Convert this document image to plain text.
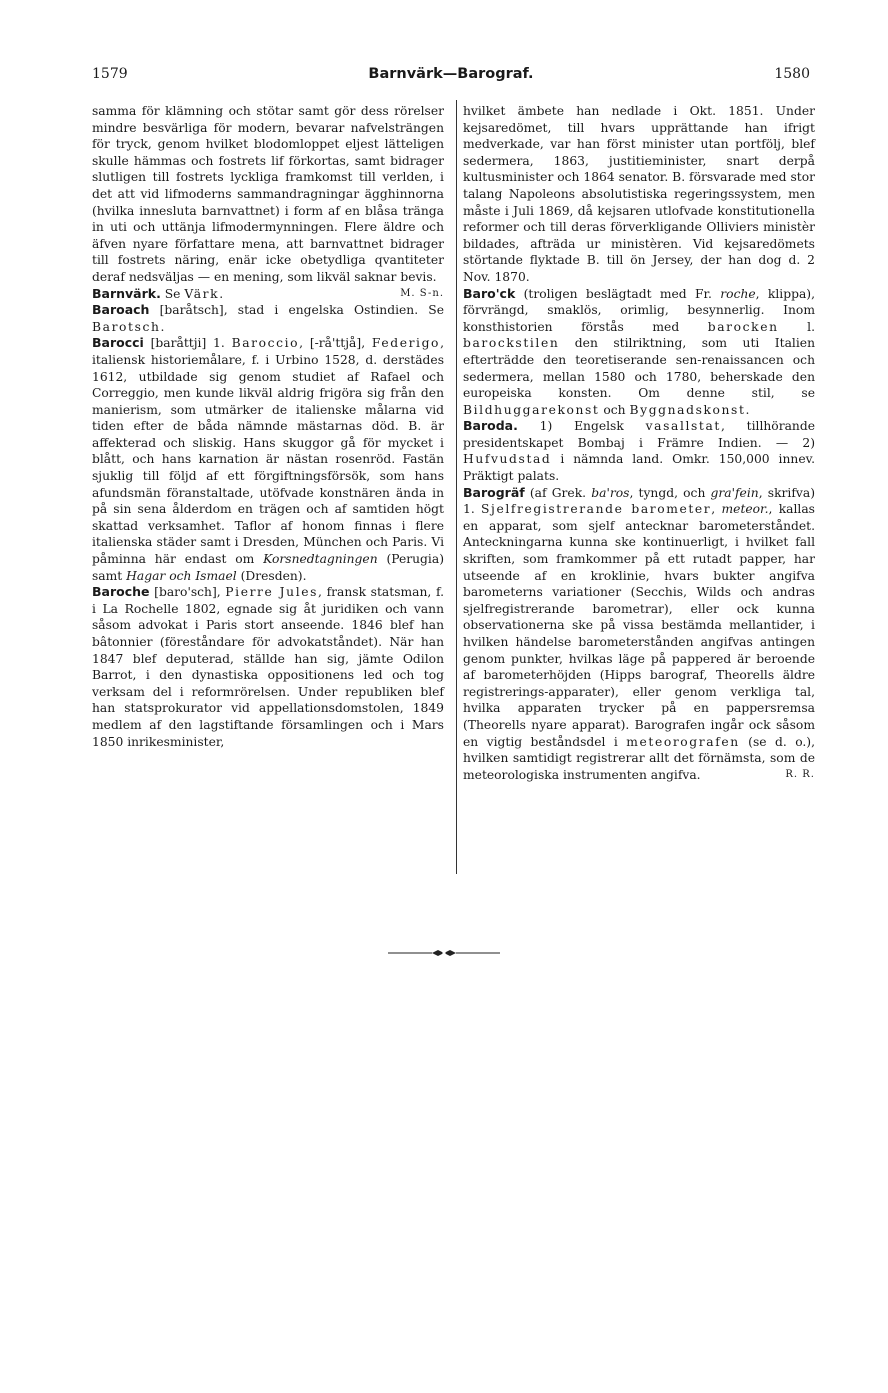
1579	Barnvärk—Barograf.	1580

samma för klämning och stötar samt gör dess rörelser mindre besvärliga för modern, bevarar nafvelsträngen för tryck, genom hvilket blodomloppet eljest lätteligen skulle hämmas och fostrets lif förkortas, samt bidrager slutligen till fostrets lyckliga framkomst till verlden, i det att vid lifmoderns sammandragningar ägghinnorna (hvilka innesluta barnvattnet) i form af en blåsa tränga in uti och uttänja lifmodermynningen. Flere äldre och äfven nyare författare mena, att barnvattnet bidrager till fostrets näring, enär icke obetydliga qvantiteter deraf nedsväljas — en mening, som likväl saknar bevis.
M. S-n.

Barnvärk. Se Värk.

Baroach [baråtsch], stad i engelska Ostindien. Se Barotsch.

Barocci [baråttji] 1. Baroccio, [-rå'ttjå], Federigo, italiensk historiemålare, f. i Urbino 1528, d. derstädes 1612, utbildade sig genom studiet af Rafael och Correggio, men kunde likväl aldrig frigöra sig från den manierism, som utmärker de italienske målarna vid tiden efter de båda nämnde mästarnas död. B. är affekterad och sliskig. Hans skuggor gå för mycket i blått, och hans karnation är nästan rosenröd. Fastän sjuklig till följd af ett förgiftningsförsök, som hans afundsmän föranstaltade, utöfvade konstnären ända in på sin sena ålderdom en trägen och af samtiden högt skattad verksamhet. Taflor af honom finnas i flere italienska städer samt i Dresden, München och Paris. Vi påminna här endast om Korsnedtagningen (Perugia) samt Hagar och Ismael (Dresden).

Baroche [baro'sch], Pierre Jules, fransk statsman, f. i La Rochelle 1802, egnade sig åt juridiken och vann såsom advokat i Paris stort anseende. 1846 blef han bâtonnier (föreståndare för advokatståndet). När han 1847 blef deputerad, ställde han sig, jämte Odilon Barrot, i den dynastiska oppositionens led och tog verksam del i reformrörelsen. Under republiken blef han statsprokurator vid appellationsdomstolen, 1849 medlem af den lagstiftande församlingen och i Mars 1850 inrikesminister,

hvilket ämbete han nedlade i Okt. 1851. Under kejsaredömet, till hvars upprättande han ifrigt medverkade, var han först minister utan portfölj, blef sedermera, 1863, justitieminister, snart derpå kultusminister och 1864 senator. B. försvarade med stor talang Napoleons absolutistiska regeringssystem, men måste i Juli 1869, då kejsaren utlofvade konstitutionella reformer och till deras förverkligande Olliviers ministèr bildades, afträda ur ministèren. Vid kejsaredömets störtande flyktade B. till ön Jersey, der han dog d. 2 Nov. 1870.

Baro'ck (troligen beslägtadt med Fr. roche, klippa), förvrängd, smaklös, orimlig, besynnerlig. Inom konsthistorien förstås med barocken l. barockstilen den stilriktning, som uti Italien efterträdde den teoretiserande sen-renaissancen och sedermera, mellan 1580 och 1780, beherskade den europeiska konsten. Om denne stil, se Bildhuggarekonst och Byggnadskonst.

Baroda. 1) Engelsk vasallstat, tillhörande presidentskapet Bombaj i Främre Indien. — 2) Hufvudstad i nämnda land. Omkr. 150,000 innev. Präktigt palats.

Barogräf (af Grek. ba'ros, tyngd, och gra'fein, skrifva) 1. Sjelfregistrerande barometer, meteor., kallas en apparat, som sjelf antecknar barometerståndet. Anteckningarna kunna ske kontinuerligt, i hvilket fall skriften, som framkommer på ett rutadt papper, har utseende af en kroklinie, hvars bukter angifva barometerns variationer (Secchis, Wilds och andras sjelfregistrerande barometrar), eller ock kunna observationerna ske på vissa bestämda mellantider, i hvilken händelse barometerstånden angifvas antingen genom punkter, hvilkas läge på pappered är beroende af barometerhöjden (Hipps barograf, Theorells äldre registrerings-apparater), eller genom verkliga tal, hvilka apparaten trycker på en pappersremsa (Theorells nyare apparat). Barografen ingår ock såsom en vigtig beståndsdel i meteorografen (se d. o.), hvilken samtidigt registrerar allt det förnämsta, som de meteorologiska instrumenten angifva.	R. R.
